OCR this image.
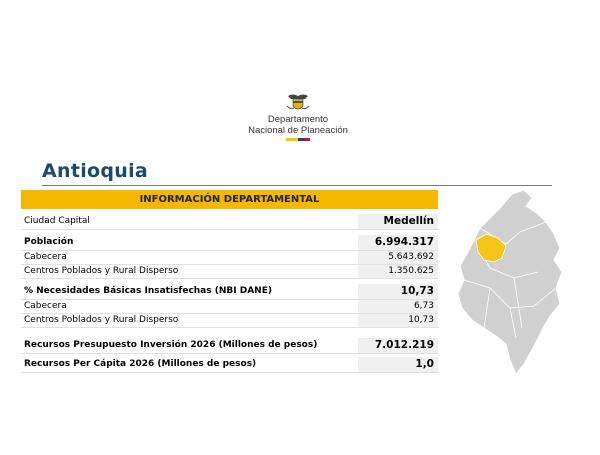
Departamento
Nacional de Planeación
Antioquia
INFORMACIÓN DEPARTAMENTAL
Ciudad Capital	Medellín
Población	6.994.317
Cabecera	5.643.692
Centros Poblados y Rural Disperso	1.350.625
% Necesidades Básicas Insatisfechas (NBI DANE)	10,73
Cabecera	6,73
Centros Poblados y Rural Disperso	10,73
Recursos Presupuesto Inversión 2026 (Millones de pesos)	7.012.219
Recursos Per Cápita 2026 (Millones de pesos)	1,0
